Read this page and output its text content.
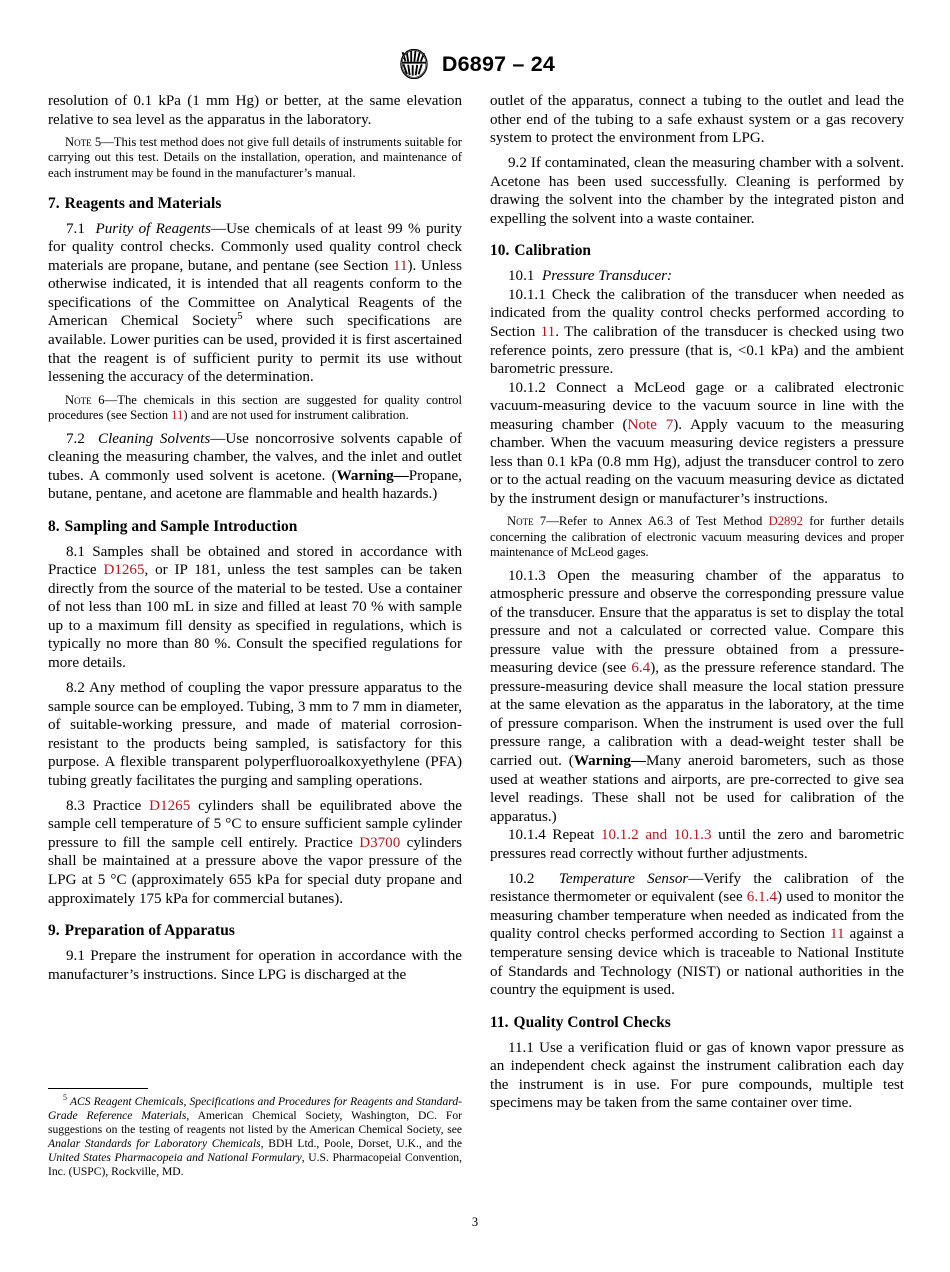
D6897 – 24

resolution of 0.1 kPa (1 mm Hg) or better, at the same elevation relative to sea level as the apparatus in the laboratory.

Note 5—This test method does not give full details of instruments suitable for carrying out this test. Details on the installation, operation, and maintenance of each instrument may be found in the manufacturer’s manual.

7. Reagents and Materials

7.1 Purity of Reagents—Use chemicals of at least 99 % purity for quality control checks. Commonly used quality control check materials are propane, butane, and pentane (see Section 11). Unless otherwise indicated, it is intended that all reagents conform to the specifications of the Committee on Analytical Reagents of the American Chemical Society$^5$ where such specifications are available. Lower purities can be used, provided it is first ascertained that the reagent is of sufficient purity to permit its use without lessening the accuracy of the determination.

Note 6—The chemicals in this section are suggested for quality control procedures (see Section 11) and are not used for instrument calibration.

7.2 Cleaning Solvents—Use noncorrosive solvents capable of cleaning the measuring chamber, the valves, and the inlet and outlet tubes. A commonly used solvent is acetone. (Warning—Propane, butane, pentane, and acetone are flammable and health hazards.)

8. Sampling and Sample Introduction

8.1 Samples shall be obtained and stored in accordance with Practice D1265, or IP 181, unless the test samples can be taken directly from the source of the material to be tested. Use a container of not less than 100 mL in size and filled at least 70 % with sample up to a maximum fill density as specified in regulations, which is typically no more than 80 %. Consult the specified regulations for more details.

8.2 Any method of coupling the vapor pressure apparatus to the sample source can be employed. Tubing, 3 mm to 7 mm in diameter, of suitable-working pressure, and made of material corrosion-resistant to the products being sampled, is satisfactory for this purpose. A flexible transparent polyperfluoroalkoxyethylene (PFA) tubing greatly facilitates the purging and sampling operations.

8.3 Practice D1265 cylinders shall be equilibrated above the sample cell temperature of 5 °C to ensure sufficient sample cylinder pressure to fill the sample cell entirely. Practice D3700 cylinders shall be maintained at a pressure above the vapor pressure of the LPG at 5 °C (approximately 655 kPa for special duty propane and approximately 175 kPa for commercial butanes).

9. Preparation of Apparatus

9.1 Prepare the instrument for operation in accordance with the manufacturer’s instructions. Since LPG is discharged at the

outlet of the apparatus, connect a tubing to the outlet and lead the other end of the tubing to a safe exhaust system or a gas recovery system to protect the environment from LPG.

9.2 If contaminated, clean the measuring chamber with a solvent. Acetone has been used successfully. Cleaning is performed by drawing the solvent into the chamber by the integrated piston and expelling the solvent into a waste container.

10. Calibration

10.1 Pressure Transducer:

10.1.1 Check the calibration of the transducer when needed as indicated from the quality control checks performed according to Section 11. The calibration of the transducer is checked using two reference points, zero pressure (that is, <0.1 kPa) and the ambient barometric pressure.

10.1.2 Connect a McLeod gage or a calibrated electronic vacuum-measuring device to the vacuum source in line with the measuring chamber (Note 7). Apply vacuum to the measuring chamber. When the vacuum measuring device registers a pressure less than 0.1 kPa (0.8 mm Hg), adjust the transducer control to zero or to the actual reading on the vacuum measuring device as dictated by the instrument design or manufacturer’s instructions.

Note 7—Refer to Annex A6.3 of Test Method D2892 for further details concerning the calibration of electronic vacuum measuring devices and proper maintenance of McLeod gages.

10.1.3 Open the measuring chamber of the apparatus to atmospheric pressure and observe the corresponding pressure value of the transducer. Ensure that the apparatus is set to display the total pressure and not a calculated or corrected value. Compare this pressure value with the pressure obtained from a pressure-measuring device (see 6.4), as the pressure reference standard. The pressure-measuring device shall measure the local station pressure at the same elevation as the apparatus in the laboratory, at the time of pressure comparison. When the instrument is used over the full pressure range, a calibration with a dead-weight tester shall be carried out. (Warning—Many aneroid barometers, such as those used at weather stations and airports, are pre-corrected to give sea level readings. These shall not be used for calibration of the apparatus.)

10.1.4 Repeat 10.1.2 and 10.1.3 until the zero and barometric pressures read correctly without further adjustments.

10.2 Temperature Sensor—Verify the calibration of the resistance thermometer or equivalent (see 6.1.4) used to monitor the measuring chamber temperature when needed as indicated from the quality control checks performed according to Section 11 against a temperature sensing device which is traceable to National Institute of Standards and Technology (NIST) or national authorities in the country the equipment is used.

11. Quality Control Checks

11.1 Use a verification fluid or gas of known vapor pressure as an independent check against the instrument calibration each day the instrument is in use. For pure compounds, multiple test specimens may be taken from the same container over time.

$^5$ ACS Reagent Chemicals, Specifications and Procedures for Reagents and Standard-Grade Reference Materials, American Chemical Society, Washington, DC. For suggestions on the testing of reagents not listed by the American Chemical Society, see Analar Standards for Laboratory Chemicals, BDH Ltd., Poole, Dorset, U.K., and the United States Pharmacopeia and National Formulary, U.S. Pharmacopeial Convention, Inc. (USPC), Rockville, MD.

3
